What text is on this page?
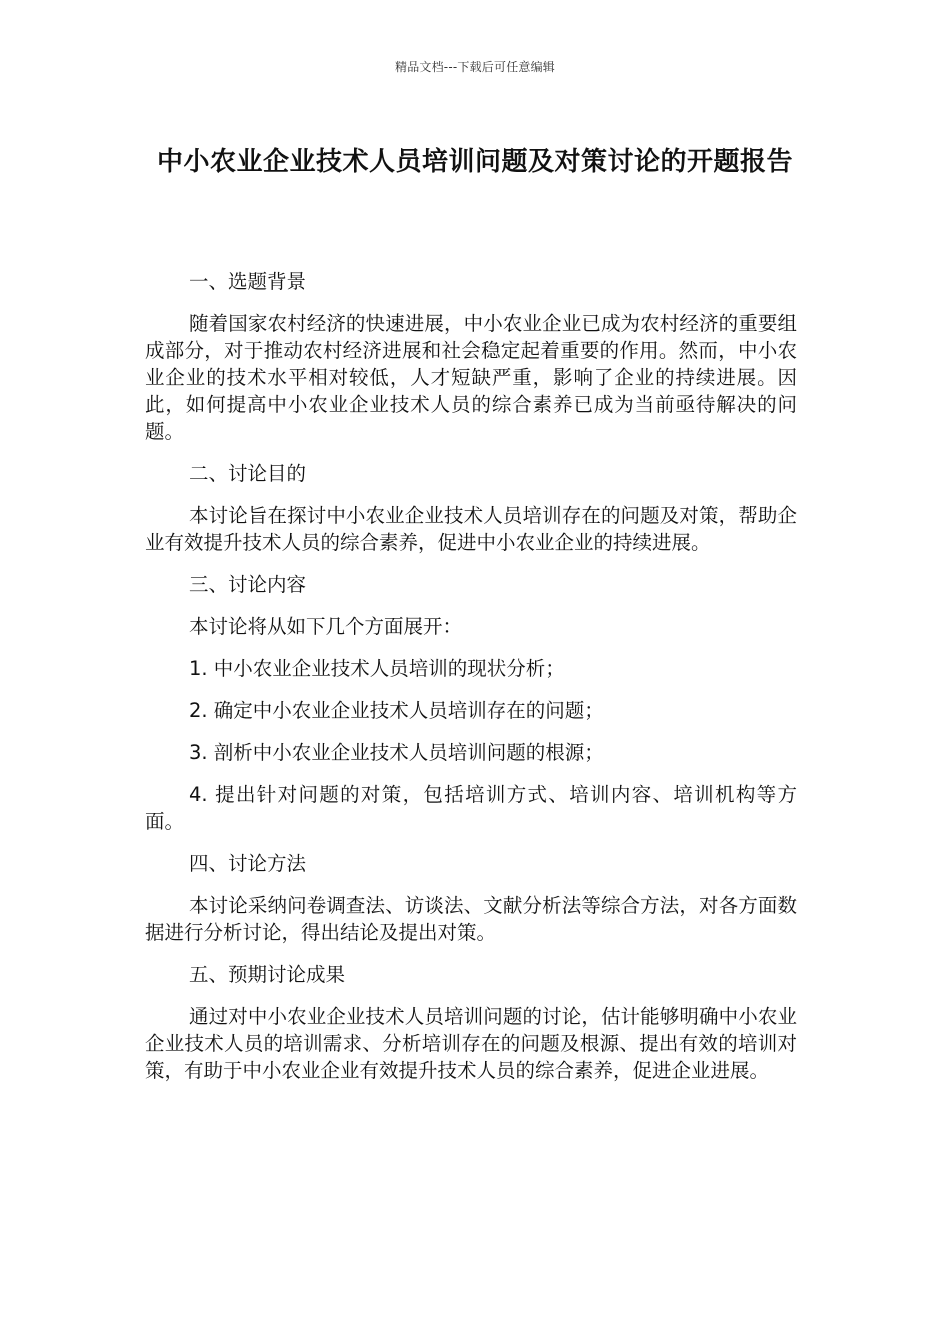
精品文档---下载后可任意编辑
中小农业企业技术人员培训问题及对策讨论的开题报告
一、选题背景

随着国家农村经济的快速进展，中小农业企业已成为农村经济的重要组成部分，对于推动农村经济进展和社会稳定起着重要的作用。然而，中小农业企业的技术水平相对较低，人才短缺严重，影响了企业的持续进展。因此，如何提高中小农业企业技术人员的综合素养已成为当前亟待解决的问题。

二、讨论目的

本讨论旨在探讨中小农业企业技术人员培训存在的问题及对策，帮助企业有效提升技术人员的综合素养，促进中小农业企业的持续进展。

三、讨论内容
本讨论将从如下几个方面展开：
1. 中小农业企业技术人员培训的现状分析；
2. 确定中小农业企业技术人员培训存在的问题；
3. 剖析中小农业企业技术人员培训问题的根源；
4. 提出针对问题的对策，包括培训方式、培训内容、培训机构等方面。
四、讨论方法

本讨论采纳问卷调查法、访谈法、文献分析法等综合方法，对各方面数据进行分析讨论，得出结论及提出对策。

五、预期讨论成果

通过对中小农业企业技术人员培训问题的讨论，估计能够明确中小农业企业技术人员的培训需求、分析培训存在的问题及根源、提出有效的培训对策，有助于中小农业企业有效提升技术人员的综合素养，促进企业进展。
